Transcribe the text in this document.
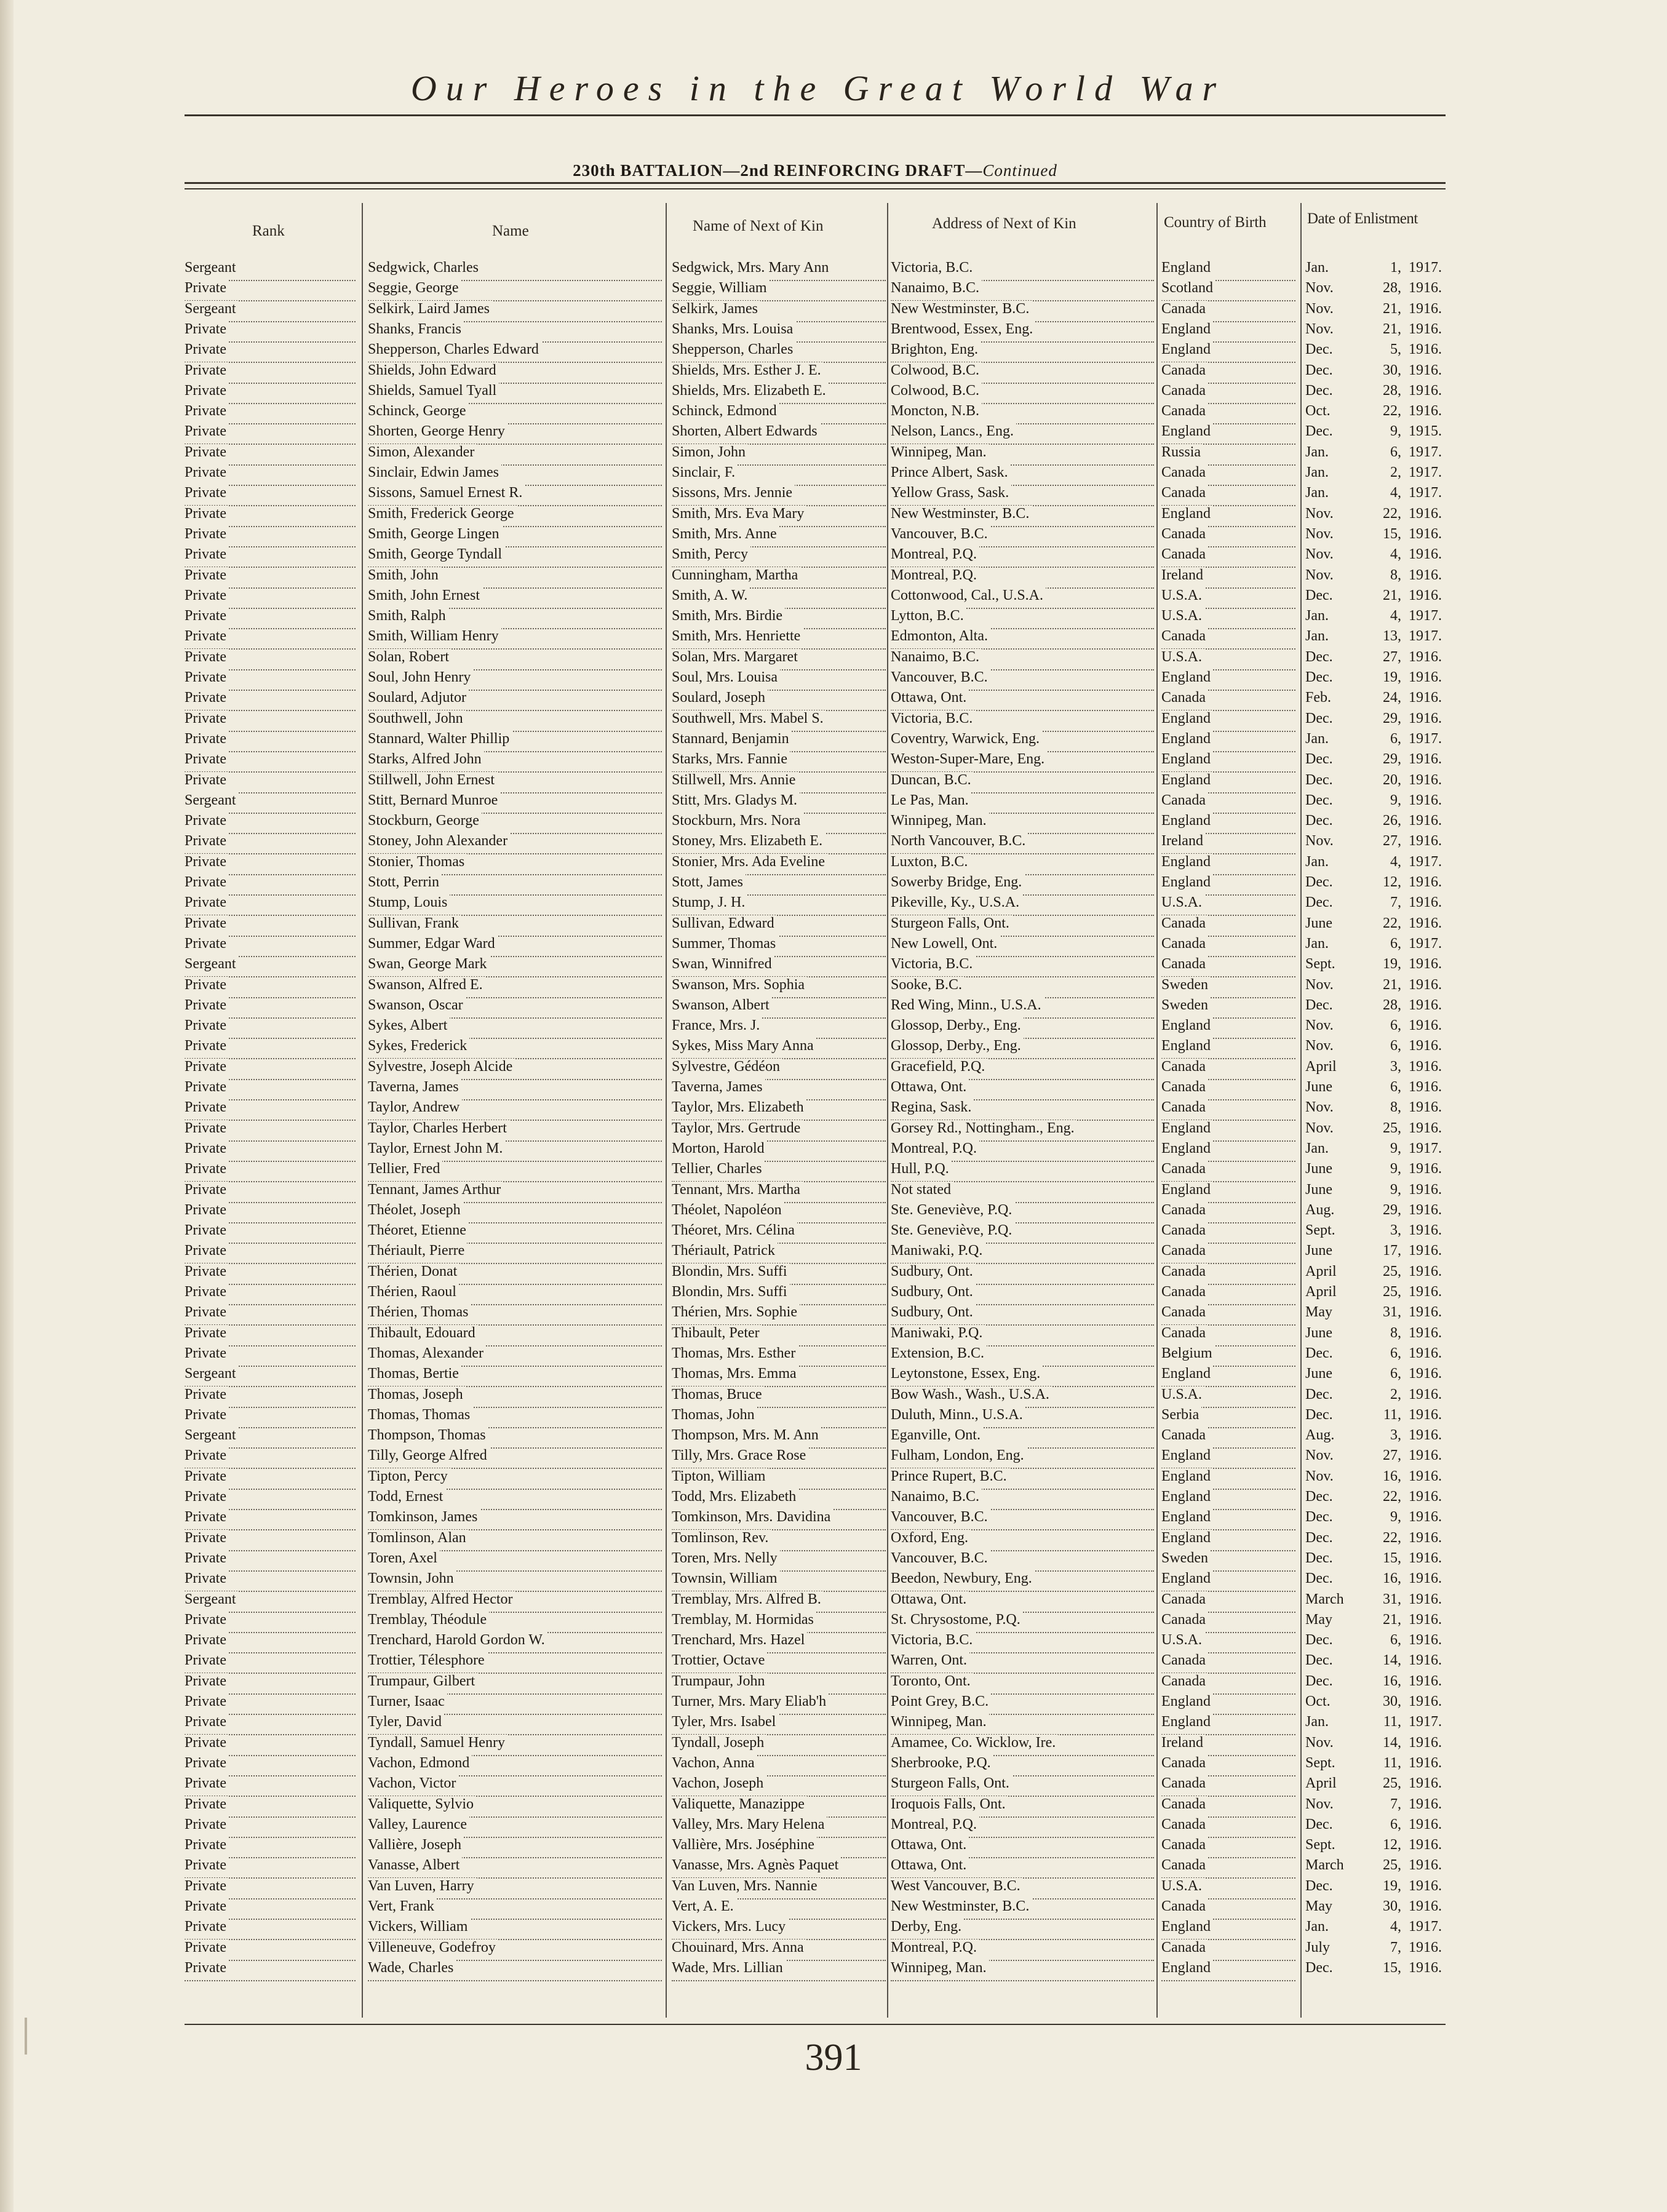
Our Heroes in the Great World War
230th BATTALION—2nd REINFORCING DRAFT—Continued
Rank	Name	Name of Next of Kin	Address of Next of Kin	Country of Birth	Date of Enlistment
Sergeant	Sedgwick, Charles	Sedgwick, Mrs. Mary Ann	Victoria, B.C.	England	Jan.	1, 1917.
Private	Seggie, George	Seggie, William	Nanaimo, B.C.	Scotland	Nov.	28, 1916.
Sergeant	Selkirk, Laird James	Selkirk, James	New Westminster, B.C.	Canada	Nov.	21, 1916.
Private	Shanks, Francis	Shanks, Mrs. Louisa	Brentwood, Essex, Eng.	England	Nov.	21, 1916.
Private	Shepperson, Charles Edward	Shepperson, Charles	Brighton, Eng.	England	Dec.	5, 1916.
Private	Shields, John Edward	Shields, Mrs. Esther J. E.	Colwood, B.C.	Canada	Dec.	30, 1916.
Private	Shields, Samuel Tyall	Shields, Mrs. Elizabeth E.	Colwood, B.C.	Canada	Dec.	28, 1916.
Private	Schinck, George	Schinck, Edmond	Moncton, N.B.	Canada	Oct.	22, 1916.
Private	Shorten, George Henry	Shorten, Albert Edwards	Nelson, Lancs., Eng.	England	Dec.	9, 1915.
Private	Simon, Alexander	Simon, John	Winnipeg, Man.	Russia	Jan.	6, 1917.
Private	Sinclair, Edwin James	Sinclair, F.	Prince Albert, Sask.	Canada	Jan.	2, 1917.
Private	Sissons, Samuel Ernest R.	Sissons, Mrs. Jennie	Yellow Grass, Sask.	Canada	Jan.	4, 1917.
Private	Smith, Frederick George	Smith, Mrs. Eva Mary	New Westminster, B.C.	England	Nov.	22, 1916.
Private	Smith, George Lingen	Smith, Mrs. Anne	Vancouver, B.C.	Canada	Nov.	15, 1916.
Private	Smith, George Tyndall	Smith, Percy	Montreal, P.Q.	Canada	Nov.	4, 1916.
Private	Smith, John	Cunningham, Martha	Montreal, P.Q.	Ireland	Nov.	8, 1916.
Private	Smith, John Ernest	Smith, A. W.	Cottonwood, Cal., U.S.A.	U.S.A.	Dec.	21, 1916.
Private	Smith, Ralph	Smith, Mrs. Birdie	Lytton, B.C.	U.S.A.	Jan.	4, 1917.
Private	Smith, William Henry	Smith, Mrs. Henriette	Edmonton, Alta.	Canada	Jan.	13, 1917.
Private	Solan, Robert	Solan, Mrs. Margaret	Nanaimo, B.C.	U.S.A.	Dec.	27, 1916.
Private	Soul, John Henry	Soul, Mrs. Louisa	Vancouver, B.C.	England	Dec.	19, 1916.
Private	Soulard, Adjutor	Soulard, Joseph	Ottawa, Ont.	Canada	Feb.	24, 1916.
Private	Southwell, John	Southwell, Mrs. Mabel S.	Victoria, B.C.	England	Dec.	29, 1916.
Private	Stannard, Walter Phillip	Stannard, Benjamin	Coventry, Warwick, Eng.	England	Jan.	6, 1917.
Private	Starks, Alfred John	Starks, Mrs. Fannie	Weston-Super-Mare, Eng.	England	Dec.	29, 1916.
Private	Stillwell, John Ernest	Stillwell, Mrs. Annie	Duncan, B.C.	England	Dec.	20, 1916.
Sergeant	Stitt, Bernard Munroe	Stitt, Mrs. Gladys M.	Le Pas, Man.	Canada	Dec.	9, 1916.
Private	Stockburn, George	Stockburn, Mrs. Nora	Winnipeg, Man.	England	Dec.	26, 1916.
Private	Stoney, John Alexander	Stoney, Mrs. Elizabeth E.	North Vancouver, B.C.	Ireland	Nov.	27, 1916.
Private	Stonier, Thomas	Stonier, Mrs. Ada Eveline	Luxton, B.C.	England	Jan.	4, 1917.
Private	Stott, Perrin	Stott, James	Sowerby Bridge, Eng.	England	Dec.	12, 1916.
Private	Stump, Louis	Stump, J. H.	Pikeville, Ky., U.S.A.	U.S.A.	Dec.	7, 1916.
Private	Sullivan, Frank	Sullivan, Edward	Sturgeon Falls, Ont.	Canada	June	22, 1916.
Private	Summer, Edgar Ward	Summer, Thomas	New Lowell, Ont.	Canada	Jan.	6, 1917.
Sergeant	Swan, George Mark	Swan, Winnifred	Victoria, B.C.	Canada	Sept.	19, 1916.
Private	Swanson, Alfred E.	Swanson, Mrs. Sophia	Sooke, B.C.	Sweden	Nov.	21, 1916.
Private	Swanson, Oscar	Swanson, Albert	Red Wing, Minn., U.S.A.	Sweden	Dec.	28, 1916.
Private	Sykes, Albert	France, Mrs. J.	Glossop, Derby., Eng.	England	Nov.	6, 1916.
Private	Sykes, Frederick	Sykes, Miss Mary Anna	Glossop, Derby., Eng.	England	Nov.	6, 1916.
Private	Sylvestre, Joseph Alcide	Sylvestre, Gédéon	Gracefield, P.Q.	Canada	April	3, 1916.
Private	Taverna, James	Taverna, James	Ottawa, Ont.	Canada	June	6, 1916.
Private	Taylor, Andrew	Taylor, Mrs. Elizabeth	Regina, Sask.	Canada	Nov.	8, 1916.
Private	Taylor, Charles Herbert	Taylor, Mrs. Gertrude	Gorsey Rd., Nottingham., Eng.	England	Nov.	25, 1916.
Private	Taylor, Ernest John M.	Morton, Harold	Montreal, P.Q.	England	Jan.	9, 1917.
Private	Tellier, Fred	Tellier, Charles	Hull, P.Q.	Canada	June	9, 1916.
Private	Tennant, James Arthur	Tennant, Mrs. Martha	Not stated	England	June	9, 1916.
Private	Théolet, Joseph	Théolet, Napoléon	Ste. Geneviève, P.Q.	Canada	Aug.	29, 1916.
Private	Théoret, Etienne	Théoret, Mrs. Célina	Ste. Geneviève, P.Q.	Canada	Sept.	3, 1916.
Private	Thériault, Pierre	Thériault, Patrick	Maniwaki, P.Q.	Canada	June	17, 1916.
Private	Thérien, Donat	Blondin, Mrs. Suffi	Sudbury, Ont.	Canada	April	25, 1916.
Private	Thérien, Raoul	Blondin, Mrs. Suffi	Sudbury, Ont.	Canada	April	25, 1916.
Private	Thérien, Thomas	Thérien, Mrs. Sophie	Sudbury, Ont.	Canada	May	31, 1916.
Private	Thibault, Edouard	Thibault, Peter	Maniwaki, P.Q.	Canada	June	8, 1916.
Private	Thomas, Alexander	Thomas, Mrs. Esther	Extension, B.C.	Belgium	Dec.	6, 1916.
Sergeant	Thomas, Bertie	Thomas, Mrs. Emma	Leytonstone, Essex, Eng.	England	June	6, 1916.
Private	Thomas, Joseph	Thomas, Bruce	Bow Wash., Wash., U.S.A.	U.S.A.	Dec.	2, 1916.
Private	Thomas, Thomas	Thomas, John	Duluth, Minn., U.S.A.	Serbia	Dec.	11, 1916.
Sergeant	Thompson, Thomas	Thompson, Mrs. M. Ann	Eganville, Ont.	Canada	Aug.	3, 1916.
Private	Tilly, George Alfred	Tilly, Mrs. Grace Rose	Fulham, London, Eng.	England	Nov.	27, 1916.
Private	Tipton, Percy	Tipton, William	Prince Rupert, B.C.	England	Nov.	16, 1916.
Private	Todd, Ernest	Todd, Mrs. Elizabeth	Nanaimo, B.C.	England	Dec.	22, 1916.
Private	Tomkinson, James	Tomkinson, Mrs. Davidina	Vancouver, B.C.	England	Dec.	9, 1916.
Private	Tomlinson, Alan	Tomlinson, Rev.	Oxford, Eng.	England	Dec.	22, 1916.
Private	Toren, Axel	Toren, Mrs. Nelly	Vancouver, B.C.	Sweden	Dec.	15, 1916.
Private	Townsin, John	Townsin, William	Beedon, Newbury, Eng.	England	Dec.	16, 1916.
Sergeant	Tremblay, Alfred Hector	Tremblay, Mrs. Alfred B.	Ottawa, Ont.	Canada	March	31, 1916.
Private	Tremblay, Théodule	Tremblay, M. Hormidas	St. Chrysostome, P.Q.	Canada	May	21, 1916.
Private	Trenchard, Harold Gordon W.	Trenchard, Mrs. Hazel	Victoria, B.C.	U.S.A.	Dec.	6, 1916.
Private	Trottier, Télesphore	Trottier, Octave	Warren, Ont.	Canada	Dec.	14, 1916.
Private	Trumpaur, Gilbert	Trumpaur, John	Toronto, Ont.	Canada	Dec.	16, 1916.
Private	Turner, Isaac	Turner, Mrs. Mary Eliab'h	Point Grey, B.C.	England	Oct.	30, 1916.
Private	Tyler, David	Tyler, Mrs. Isabel	Winnipeg, Man.	England	Jan.	11, 1917.
Private	Tyndall, Samuel Henry	Tyndall, Joseph	Amamee, Co. Wicklow, Ire.	Ireland	Nov.	14, 1916.
Private	Vachon, Edmond	Vachon, Anna	Sherbrooke, P.Q.	Canada	Sept.	11, 1916.
Private	Vachon, Victor	Vachon, Joseph	Sturgeon Falls, Ont.	Canada	April	25, 1916.
Private	Valiquette, Sylvio	Valiquette, Manazippe	Iroquois Falls, Ont.	Canada	Nov.	7, 1916.
Private	Valley, Laurence	Valley, Mrs. Mary Helena	Montreal, P.Q.	Canada	Dec.	6, 1916.
Private	Vallière, Joseph	Vallière, Mrs. Joséphine	Ottawa, Ont.	Canada	Sept.	12, 1916.
Private	Vanasse, Albert	Vanasse, Mrs. Agnès Paquet	Ottawa, Ont.	Canada	March	25, 1916.
Private	Van Luven, Harry	Van Luven, Mrs. Nannie	West Vancouver, B.C.	U.S.A.	Dec.	19, 1916.
Private	Vert, Frank	Vert, A. E.	New Westminster, B.C.	Canada	May	30, 1916.
Private	Vickers, William	Vickers, Mrs. Lucy	Derby, Eng.	England	Jan.	4, 1917.
Private	Villeneuve, Godefroy	Chouinard, Mrs. Anna	Montreal, P.Q.	Canada	July	7, 1916.
Private	Wade, Charles	Wade, Mrs. Lillian	Winnipeg, Man.	England	Dec.	15, 1916.
391
